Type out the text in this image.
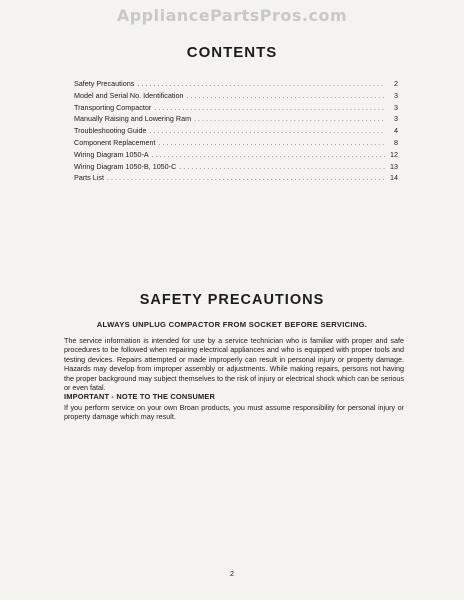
AppliancePartsPros.com
CONTENTS
Safety Precautions . . .	2
Model and Serial No. Identification . . .	3
Transporting Compactor . . .	3
Manually Raising and Lowering Ram . . .	3
Troubleshooting Guide . . .	4
Component Replacement . . .	8
Wiring Diagram 1050-A . . .	12
Wiring Diagram 1050-B, 1050-C . . .	13
Parts List . . .	14
SAFETY PRECAUTIONS
ALWAYS UNPLUG COMPACTOR FROM SOCKET BEFORE SERVICING.
The service information is intended for use by a service technician who is familiar with proper and safe procedures to be followed when repairing electrical appliances and who is equipped with proper tools and testing devices. Repairs attempted or made improperly can result in personal injury or property damage. Hazards may develop from improper assembly or adjustments. While making repairs, persons not having the proper background may subject themselves to the risk of injury or electrical shock which can be serious or even fatal.
IMPORTANT - NOTE TO THE CONSUMER
If you perform service on your own Broan products, you must assume responsibility for personal injury or property damage which may result.
2
